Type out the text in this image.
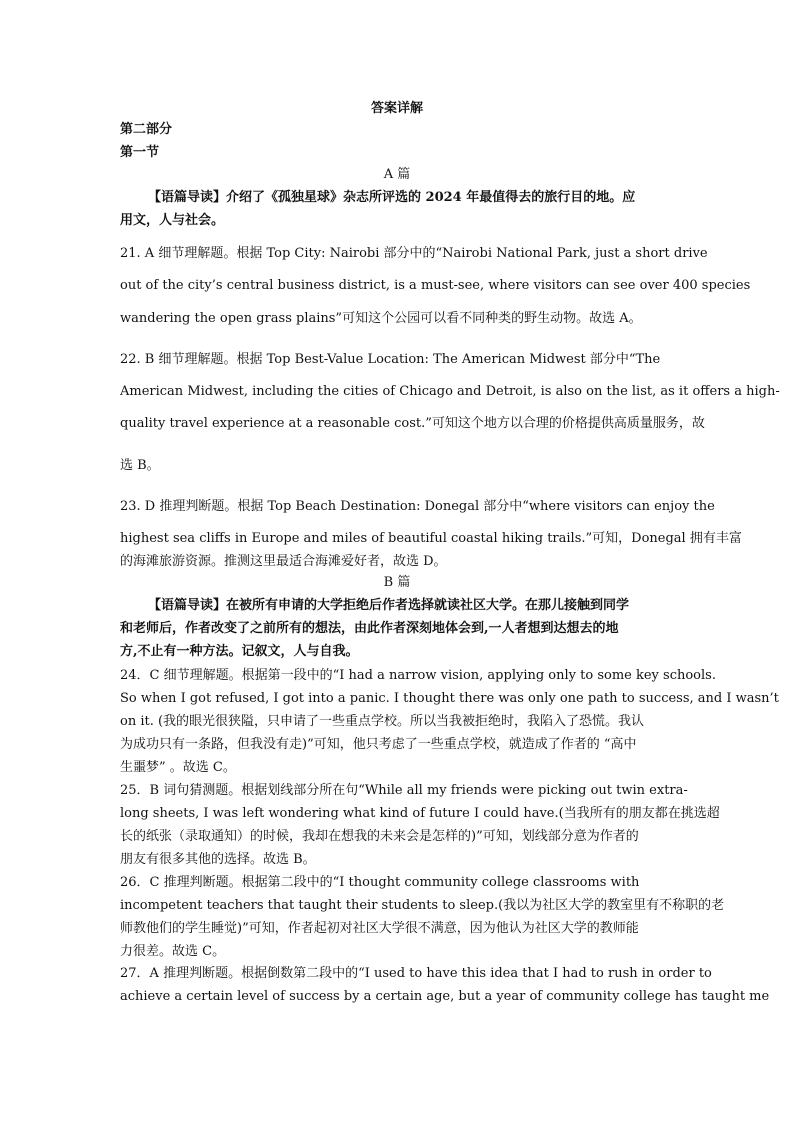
答案详解
第二部分
第一节
A 篇
【语篇导读】介绍了《孤独星球》杂志所评选的 2024 年最值得去的旅行目的地。应
用文，人与社会。
21. A 细节理解题。根据 Top City: Nairobi 部分中的“Nairobi National Park, just a short drive
out of the city’s central business district, is a must-see, where visitors can see over 400 species
wandering the open grass plains”可知这个公园可以看不同种类的野生动物。故选 A。
22. B 细节理解题。根据 Top Best-Value Location: The American Midwest 部分中“The
American Midwest, including the cities of Chicago and Detroit, is also on the list, as it offers a high-
quality travel experience at a reasonable cost.”可知这个地方以合理的价格提供高质量服务，故
选 B。
23. D 推理判断题。根据 Top Beach Destination: Donegal 部分中“where visitors can enjoy the
highest sea cliffs in Europe and miles of beautiful coastal hiking trails.”可知，Donegal 拥有丰富
的海滩旅游资源。推测这里最适合海滩爱好者，故选 D。
B 篇
【语篇导读】在被所有申请的大学拒绝后作者选择就读社区大学。在那儿接触到同学
和老师后，作者改变了之前所有的想法，由此作者深刻地体会到,一人者想到达想去的地
方,不止有一种方法。记叙文，人与自我。
24．C 细节理解题。根据第一段中的“I had a narrow vision, applying only to some key schools.
So when I got refused, I got into a panic. I thought there was only one path to success, and I wasn’t
on it. (我的眼光很狭隘，只申请了一些重点学校。所以当我被拒绝时，我陷入了恐慌。我认
为成功只有一条路，但我没有走)”可知，他只考虑了一些重点学校，就造成了作者的 “高中
生噩梦” 。故选 C。
25．B 词句猜测题。根据划线部分所在句“While all my friends were picking out twin extra-
long sheets, I was left wondering what kind of future I could have.(当我所有的朋友都在挑选超
长的纸张（录取通知）的时候，我却在想我的未来会是怎样的)”可知，划线部分意为作者的
朋友有很多其他的选择。故选 B。
26．C 推理判断题。根据第二段中的“I thought community college classrooms with
incompetent teachers that taught their students to sleep.(我以为社区大学的教室里有不称职的老
师教他们的学生睡觉)”可知，作者起初对社区大学很不满意，因为他认为社区大学的教师能
力很差。故选 C。
27．A 推理判断题。根据倒数第二段中的“I used to have this idea that I had to rush in order to
achieve a certain level of success by a certain age, but a year of community college has taught me
